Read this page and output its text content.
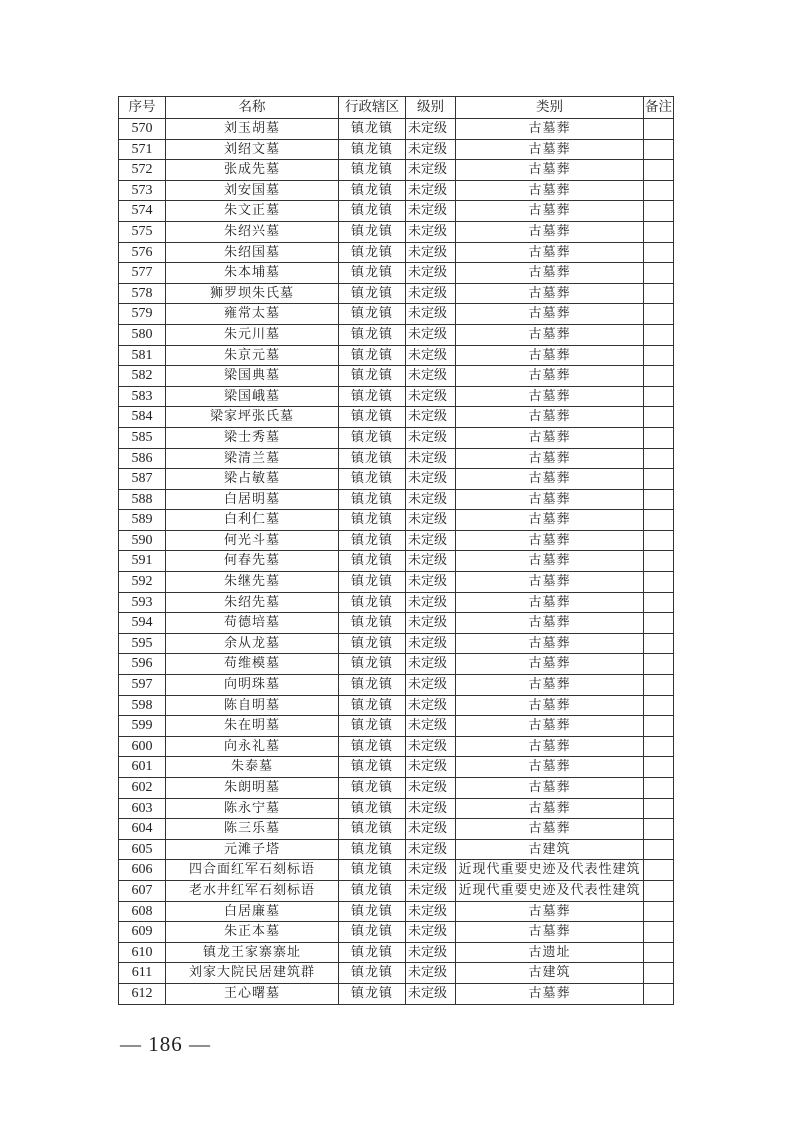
序号	名称	行政辖区	级别	类别	备注
570	刘玉胡墓	镇龙镇	未定级	古墓葬	
571	刘绍文墓	镇龙镇	未定级	古墓葬	
572	张成先墓	镇龙镇	未定级	古墓葬	
573	刘安国墓	镇龙镇	未定级	古墓葬	
574	朱文正墓	镇龙镇	未定级	古墓葬	
575	朱绍兴墓	镇龙镇	未定级	古墓葬	
576	朱绍国墓	镇龙镇	未定级	古墓葬	
577	朱本埔墓	镇龙镇	未定级	古墓葬	
578	狮罗坝朱氏墓	镇龙镇	未定级	古墓葬	
579	雍常太墓	镇龙镇	未定级	古墓葬	
580	朱元川墓	镇龙镇	未定级	古墓葬	
581	朱京元墓	镇龙镇	未定级	古墓葬	
582	梁国典墓	镇龙镇	未定级	古墓葬	
583	梁国峨墓	镇龙镇	未定级	古墓葬	
584	梁家坪张氏墓	镇龙镇	未定级	古墓葬	
585	梁士秀墓	镇龙镇	未定级	古墓葬	
586	梁清兰墓	镇龙镇	未定级	古墓葬	
587	梁占敏墓	镇龙镇	未定级	古墓葬	
588	白居明墓	镇龙镇	未定级	古墓葬	
589	白利仁墓	镇龙镇	未定级	古墓葬	
590	何光斗墓	镇龙镇	未定级	古墓葬	
591	何春先墓	镇龙镇	未定级	古墓葬	
592	朱继先墓	镇龙镇	未定级	古墓葬	
593	朱绍先墓	镇龙镇	未定级	古墓葬	
594	苟德培墓	镇龙镇	未定级	古墓葬	
595	余从龙墓	镇龙镇	未定级	古墓葬	
596	苟维模墓	镇龙镇	未定级	古墓葬	
597	向明珠墓	镇龙镇	未定级	古墓葬	
598	陈自明墓	镇龙镇	未定级	古墓葬	
599	朱在明墓	镇龙镇	未定级	古墓葬	
600	向永礼墓	镇龙镇	未定级	古墓葬	
601	朱泰墓	镇龙镇	未定级	古墓葬	
602	朱朗明墓	镇龙镇	未定级	古墓葬	
603	陈永宁墓	镇龙镇	未定级	古墓葬	
604	陈三乐墓	镇龙镇	未定级	古墓葬	
605	元滩子塔	镇龙镇	未定级	古建筑	
606	四合面红军石刻标语	镇龙镇	未定级	近现代重要史迹及代表性建筑	
607	老水井红军石刻标语	镇龙镇	未定级	近现代重要史迹及代表性建筑	
608	白居廉墓	镇龙镇	未定级	古墓葬	
609	朱正本墓	镇龙镇	未定级	古墓葬	
610	镇龙王家寨寨址	镇龙镇	未定级	古遗址	
611	刘家大院民居建筑群	镇龙镇	未定级	古建筑	
612	王心曙墓	镇龙镇	未定级	古墓葬	
— 186 —
